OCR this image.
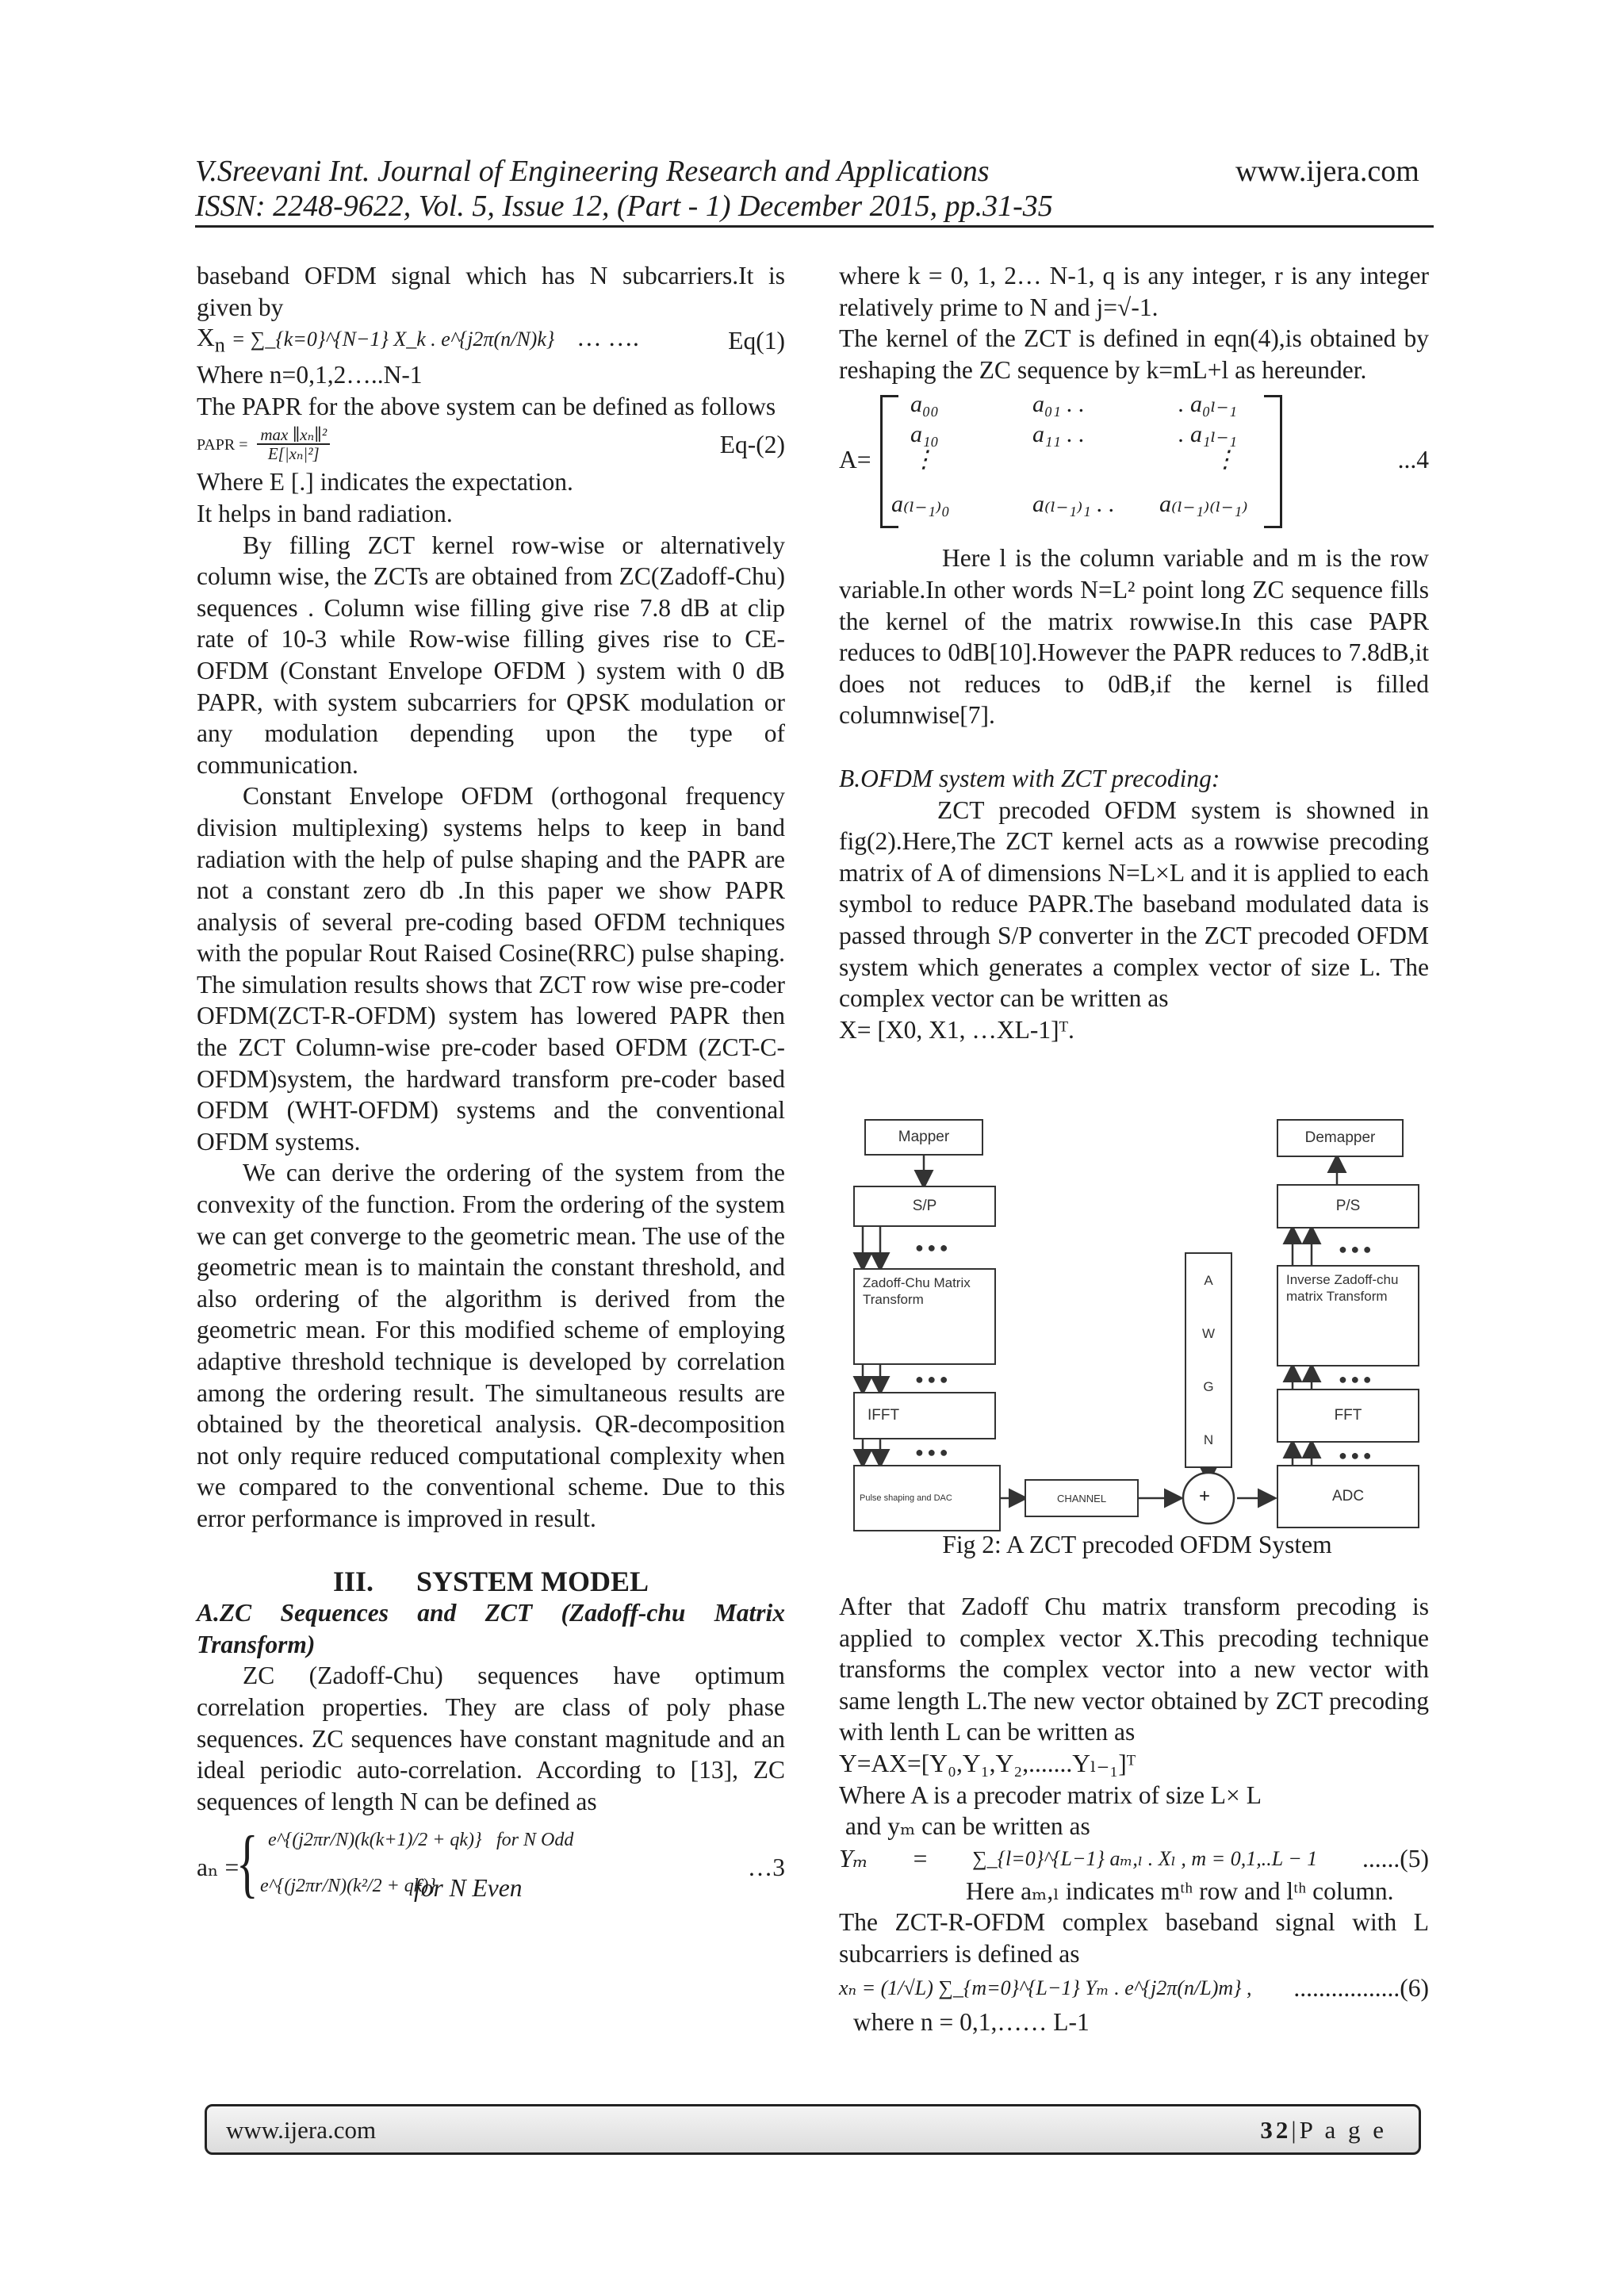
V.Sreevani Int. Journal of Engineering Research and Applications	www.ijera.com
ISSN: 2248-9622, Vol. 5, Issue 12, (Part - 1) December 2015, pp.31-35

baseband OFDM signal which has N subcarriers.It is given by

$X_n$ = ∑_{k=0}^{N−1} X_k . e^{j2π(n/N)k} … ….	Eq(1)

Where n=0,1,2…..N-1

The PAPR for the above system can be defined as follows

PAPR = $\frac{\text{max ∥xₙ∥²}}{\text{E[|xₙ|²]}}$	Eq-(2)

Where E [.] indicates the expectation.

It helps in band radiation.

By filling ZCT kernel row-wise or alternatively column wise, the ZCTs are obtained from ZC(Zadoff-Chu) sequences . Column wise filling give rise 7.8 dB at clip rate of 10-3 while Row-wise filling gives rise to CE-OFDM (Constant Envelope OFDM ) system with 0 dB PAPR, with system subcarriers for QPSK modulation or any modulation depending upon the type of communication.

Constant Envelope OFDM (orthogonal frequency division multiplexing) systems helps to keep in band radiation with the help of pulse shaping and the PAPR are not a constant zero db .In this paper we show PAPR analysis of several pre-coding based OFDM techniques with the popular Rout Raised Cosine(RRC) pulse shaping. The simulation results shows that ZCT row wise pre-coder OFDM(ZCT-R-OFDM) system has lowered PAPR then the ZCT Column-wise pre-coder based OFDM (ZCT-C-OFDM)system, the hardward transform pre-coder based OFDM (WHT-OFDM) systems and the conventional OFDM systems.

We can derive the ordering of the system from the convexity of the function. From the ordering of the system we can get converge to the geometric mean. The use of the geometric mean is to maintain the constant threshold, and also ordering of the algorithm is derived from the geometric mean. For this modified scheme of employing adaptive threshold technique is developed by correlation among the ordering result. The simultaneous results are obtained by the theoretical analysis. QR-decomposition not only require reduced computational complexity when we compared to the conventional scheme. Due to this error performance is improved in result.

III.      SYSTEM MODEL

A.ZC Sequences and ZCT (Zadoff-chu Matrix Transform)

ZC (Zadoff-Chu) sequences have optimum correlation properties. They are class of poly phase sequences. ZC sequences have constant magnitude and an ideal periodic auto-correlation. According to [13], ZC sequences of length N can be defined as

aₙ =
{ e^{(j2πr/N)(k(k+1)/2 + qk)} for N Odd
e^{(j2πr/N)(k²/2 + qk)}
for N Even
…3

where k = 0, 1, 2… N-1, q is any integer, r is any integer relatively prime to N and j=√-1.

The kernel of the ZCT is defined in eqn(4),is obtained by reshaping the ZC sequence by k=mL+l as hereunder.

A=
a₀₀	a₀₁ . .	. a₀ₗ₋₁
a₁₀	a₁₁ . .	. a₁ₗ₋₁
⋮	⋮
a₍ₗ₋₁₎₀	a₍ₗ₋₁₎₁ . . a₍ₗ₋₁₎₍ₗ₋₁₎
...4

Here l is the column variable and m is the row variable.In other words N=L² point long ZC sequence fills the kernel of the matrix rowwise.In this case PAPR reduces to 0dB[10].However the PAPR reduces to 7.8dB,it does not reduces to 0dB,if the kernel is filled columnwise[7].

B.OFDM system with ZCT precoding:

ZCT precoded OFDM system is showned in fig(2).Here,The ZCT kernel acts as a rowwise precoding matrix of A of dimensions N=L×L and it is applied to each symbol to reduce PAPR.The baseband modulated data is passed through S/P converter in the ZCT precoded OFDM system which generates a complex vector of size L. The complex vector can be written as

X= [X0, X1, …XL-1]ᵀ.

Mapper
S/P
● ● ●
Zadoff-Chu Matrix Transform
● ● ●
IFFT
● ● ●
Pulse shaping and DAC	CHANNEL
A
W
G
N
+
Demapper
P/S
● ● ●
Inverse Zadoff-chu matrix Transform
● ● ●
FFT
● ● ●
ADC
Fig 2: A ZCT precoded OFDM System

After that Zadoff Chu matrix transform precoding is applied to complex vector X.This precoding technique transforms the complex vector into a new vector with same length L.The new vector obtained by ZCT precoding with lenth L can be written as

Y=AX=[Y₀,Y₁,Y₂,.......Yₗ₋₁]ᵀ

Where A is a precoder matrix of size L× L

and yₘ can be written as

Yₘ = ∑_{l=0}^{L−1} aₘ,ₗ . Xₗ , m = 0,1,..L − 1 ......(5)

Here aₘ,ₗ indicates mᵗʰ row and lᵗʰ column.

The ZCT-R-OFDM complex baseband signal with L subcarriers is defined as

xₙ = (1/√L) ∑_{m=0}^{L−1} Yₘ . e^{j2π(n/L)m} , .................(6)

where n = 0,1,…… L-1

www.ijera.com	32|P a g e
